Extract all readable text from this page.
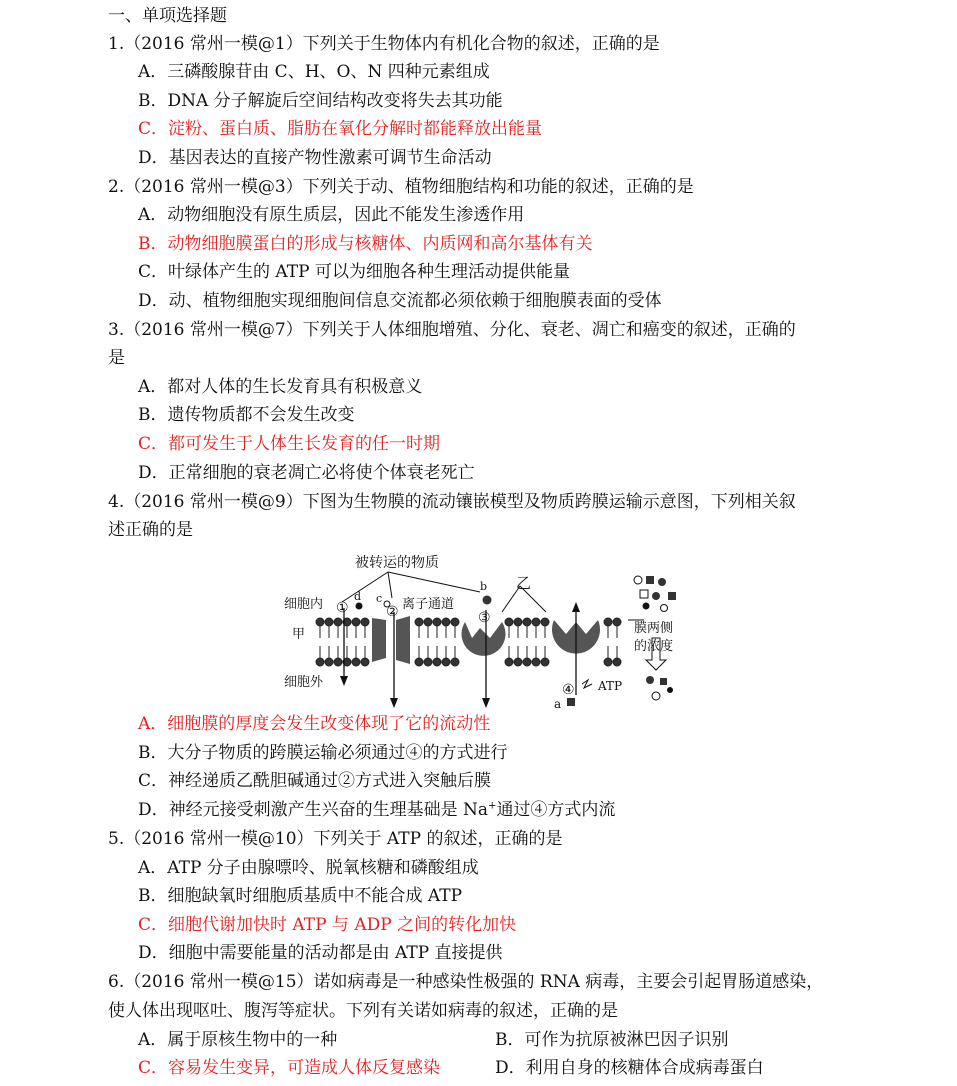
一、单项选择题
1.（2016 常州一模@1）下列关于生物体内有机化合物的叙述，正确的是
A．三磷酸腺苷由 C、H、O、N 四种元素组成
B．DNA 分子解旋后空间结构改变将失去其功能
C．淀粉、蛋白质、脂肪在氧化分解时都能释放出能量
D．基因表达的直接产物性激素可调节生命活动
2.（2016 常州一模@3）下列关于动、植物细胞结构和功能的叙述，正确的是
A．动物细胞没有原生质层，因此不能发生渗透作用
B．动物细胞膜蛋白的形成与核糖体、内质网和高尔基体有关
C．叶绿体产生的 ATP 可以为细胞各种生理活动提供能量
D．动、植物细胞实现细胞间信息交流都必须依赖于细胞膜表面的受体
3.（2016 常州一模@7）下列关于人体细胞增殖、分化、衰老、凋亡和癌变的叙述，正确的
是
A．都对人体的生长发育具有积极意义
B．遗传物质都不会发生改变
C．都可发生于人体生长发育的任一时期
D．正常细胞的衰老凋亡必将使个体衰老死亡
4.（2016 常州一模@9）下图为生物膜的流动镶嵌模型及物质跨膜运输示意图，下列相关叙
述正确的是
被转运的物质
细胞内
甲
细胞外
离子通道
乙
膜两侧
的浓度
ATP
a
b
c
d
①	②	③
④
A．细胞膜的厚度会发生改变体现了它的流动性
B．大分子物质的跨膜运输必须通过④的方式进行
C．神经递质乙酰胆碱通过②方式进入突触后膜
D．神经元接受刺激产生兴奋的生理基础是 Na+通过④方式内流
5.（2016 常州一模@10）下列关于 ATP 的叙述，正确的是
A．ATP 分子由腺嘌呤、脱氧核糖和磷酸组成
B．细胞缺氧时细胞质基质中不能合成 ATP
C．细胞代谢加快时 ATP 与 ADP 之间的转化加快
D．细胞中需要能量的活动都是由 ATP 直接提供
6.（2016 常州一模@15）诺如病毒是一种感染性极强的 RNA 病毒，主要会引起胃肠道感染，
使人体出现呕吐、腹泻等症状。下列有关诺如病毒的叙述，正确的是
A．属于原核生物中的一种	B．可作为抗原被淋巴因子识别
C．容易发生变异，可造成人体反复感染	D．利用自身的核糖体合成病毒蛋白
